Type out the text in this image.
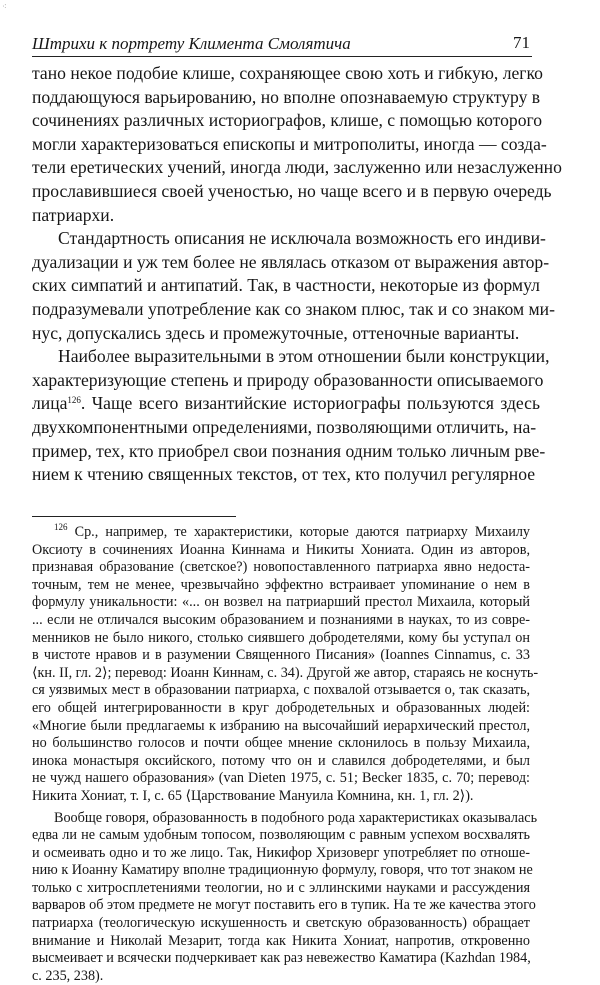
⁖
Штрихи к портрету Климента Смолятича	71
тано некое подобие клише, сохраняющее свою хоть и гибкую, легко
поддающуюся варьированию, но вполне опознаваемую структуру в
сочинениях различных историографов, клише, с помощью которого
могли характеризоваться епископы и митрополиты, иногда — созда-
тели еретических учений, иногда люди, заслуженно или незаслуженно
прославившиеся своей ученостью, но чаще всего и в первую очередь
патриархи.
Стандартность описания не исключала возможность его индиви-
дуализации и уж тем более не являлась отказом от выражения автор-
ских симпатий и антипатий. Так, в частности, некоторые из формул
подразумевали употребление как со знаком плюс, так и со знаком ми-
нус, допускались здесь и промежуточные, оттеночные варианты.
Наиболее выразительными в этом отношении были конструкции,
характеризующие степень и природу образованности описываемого
лица$^{126}$. Чаще всего византийские историографы пользуются здесь
двухкомпонентными определениями, позволяющими отличить, на-
пример, тех, кто приобрел свои познания одним только личным рве-
нием к чтению священных текстов, от тех, кто получил регулярное
$^{126}$ Ср., например, те характеристики, которые даются патриарху Михаилу
Оксиоту в сочинениях Иоанна Киннама и Никиты Хониата. Один из авторов,
признавая образование (светское?) новопоставленного патриарха явно недоста-
точным, тем не менее, чрезвычайно эффектно встраивает упоминание о нем в
формулу уникальности: «... он возвел на патриарший престол Михаила, который
... если не отличался высоким образованием и познаниями в науках, то из совре-
менников не было никого, столько сиявшего добродетелями, кому бы уступал он
в чистоте нравов и в разумении Священного Писания» (Ioannes Cinnamus, с. 33
⟨кн. II, гл. 2⟩; перевод: Иоанн Киннам, с. 34). Другой же автор, стараясь не коснуть-
ся уязвимых мест в образовании патриарха, с похвалой отзывается о, так сказать,
его общей интегрированности в круг добродетельных и образованных людей:
«Многие были предлагаемы к избранию на высочайший иерархический престол,
но большинство голосов и почти общее мнение склонилось в пользу Михаила,
инока монастыря оксийского, потому что он и славился добродетелями, и был
не чужд нашего образования» (van Dieten 1975, с. 51; Becker 1835, с. 70; перевод:
Никита Хониат, т. I, с. 65 ⟨Царствование Мануила Комнина, кн. 1, гл. 2⟩).
Вообще говоря, образованность в подобного рода характеристиках оказывалась
едва ли не самым удобным топосом, позволяющим с равным успехом восхвалять
и осмеивать одно и то же лицо. Так, Никифор Хризоверг употребляет по отноше-
нию к Иоанну Каматиру вполне традиционную формулу, говоря, что тот знаком не
только с хитросплетениями теологии, но и с эллинскими науками и рассуждения
варваров об этом предмете не могут поставить его в тупик. На те же качества этого
патриарха (теологическую искушенность и светскую образованность) обращает
внимание и Николай Мезарит, тогда как Никита Хониат, напротив, откровенно
высмеивает и всячески подчеркивает как раз невежество Каматира (Kazhdan 1984,
с. 235, 238).
